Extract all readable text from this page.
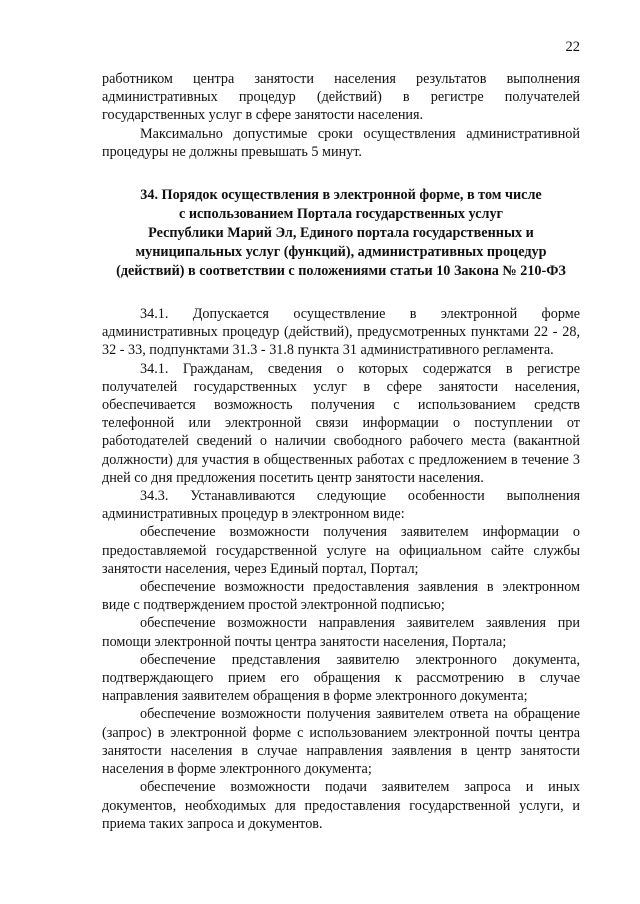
22

работником центра занятости населения результатов выполнения административных процедур (действий) в регистре получателей государственных услуг в сфере занятости населения.

Максимально допустимые сроки осуществления административной процедуры не должны превышать 5 минут.

34. Порядок осуществления в электронной форме, в том числе
с использованием Портала государственных услуг
Республики Марий Эл, Единого портала государственных и
муниципальных услуг (функций), административных процедур
(действий) в соответствии с положениями статьи 10 Закона № 210-ФЗ

34.1. Допускается осуществление в электронной форме административных процедур (действий), предусмотренных пунктами 22 - 28, 32 - 33, подпунктами 31.3 - 31.8 пункта 31 административного регламента.

34.1. Гражданам, сведения о которых содержатся в регистре получателей государственных услуг в сфере занятости населения, обеспечивается возможность получения с использованием средств телефонной или электронной связи информации о поступлении от работодателей сведений о наличии свободного рабочего места (вакантной должности) для участия в общественных работах с предложением в течение 3 дней со дня предложения посетить центр занятости населения.

34.3. Устанавливаются следующие особенности выполнения административных процедур в электронном виде:

обеспечение возможности получения заявителем информации о предоставляемой государственной услуге на официальном сайте службы занятости населения, через Единый портал, Портал;

обеспечение возможности предоставления заявления в электронном виде с подтверждением простой электронной подписью;

обеспечение возможности направления заявителем заявления при помощи электронной почты центра занятости населения, Портала;

обеспечение представления заявителю электронного документа, подтверждающего прием его обращения к рассмотрению в случае направления заявителем обращения в форме электронного документа;

обеспечение возможности получения заявителем ответа на обращение (запрос) в электронной форме с использованием электронной почты центра занятости населения в случае направления заявления в центр занятости населения в форме электронного документа;

обеспечение возможности подачи заявителем запроса и иных документов, необходимых для предоставления государственной услуги, и приема таких запроса и документов.
